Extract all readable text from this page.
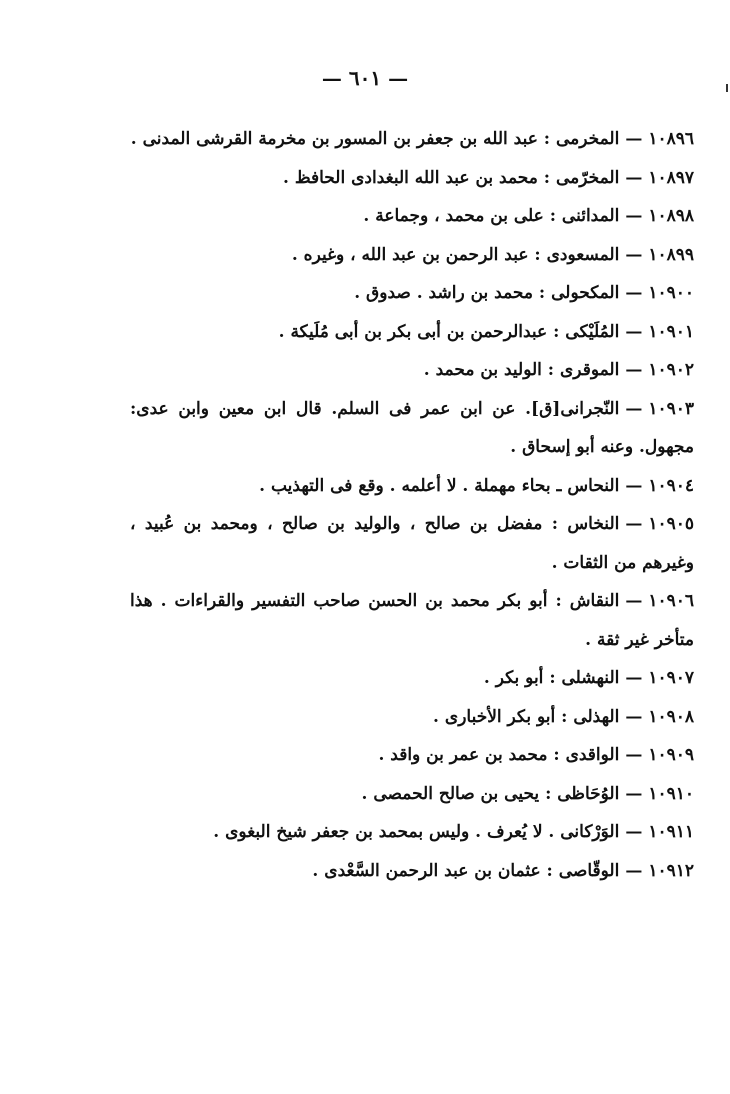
— ٦٠١ —
١٠٨٩٦—المخرمى : عبد الله بن جعفر بن المسور بن مخرمة القرشى المدنى .
١٠٨٩٧—المخرّمى : محمد بن عبد الله البغدادى الحافظ .
١٠٨٩٨—المدائنى : على بن محمد ، وجماعة .
١٠٨٩٩—المسعودى : عبد الرحمن بن عبد الله ، وغيره .
١٠٩٠٠—المكحولى : محمد بن راشد . صدوق .
١٠٩٠١—المُلَيْكى : عبدالرحمن بن أبى بكر بن أبى مُلَيكة .
١٠٩٠٢—الموقرى : الوليد بن محمد .
١٠٩٠٣—النّجرانى[ق]. عن ابن عمر فى السلم. قال ابن معين وابن عدى: مجهول. وعنه أبو إسحاق .
١٠٩٠٤—النحاس ـ بحاء مهملة . لا أعلمه . وقع فى التهذيب .
١٠٩٠٥—النخاس : مفضل بن صالح ، والوليد بن صالح ، ومحمد بن عُبيد ، وغيرهم من الثقات .
١٠٩٠٦—النقاش : أبو بكر محمد بن الحسن صاحب التفسير والقراءات . هذا متأخر غير ثقة .
١٠٩٠٧—النهشلى : أبو بكر .
١٠٩٠٨—الهذلى : أبو بكر الأخبارى .
١٠٩٠٩—الواقدى : محمد بن عمر بن واقد .
١٠٩١٠—الوُحَاظى : يحيى بن صالح الحمصى .
١٠٩١١—الوَرْكانى . لا يُعرف . وليس بمحمد بن جعفر شيخ البغوى .
١٠٩١٢—الوقّاصى : عثمان بن عبد الرحمن السَّعْدى .
